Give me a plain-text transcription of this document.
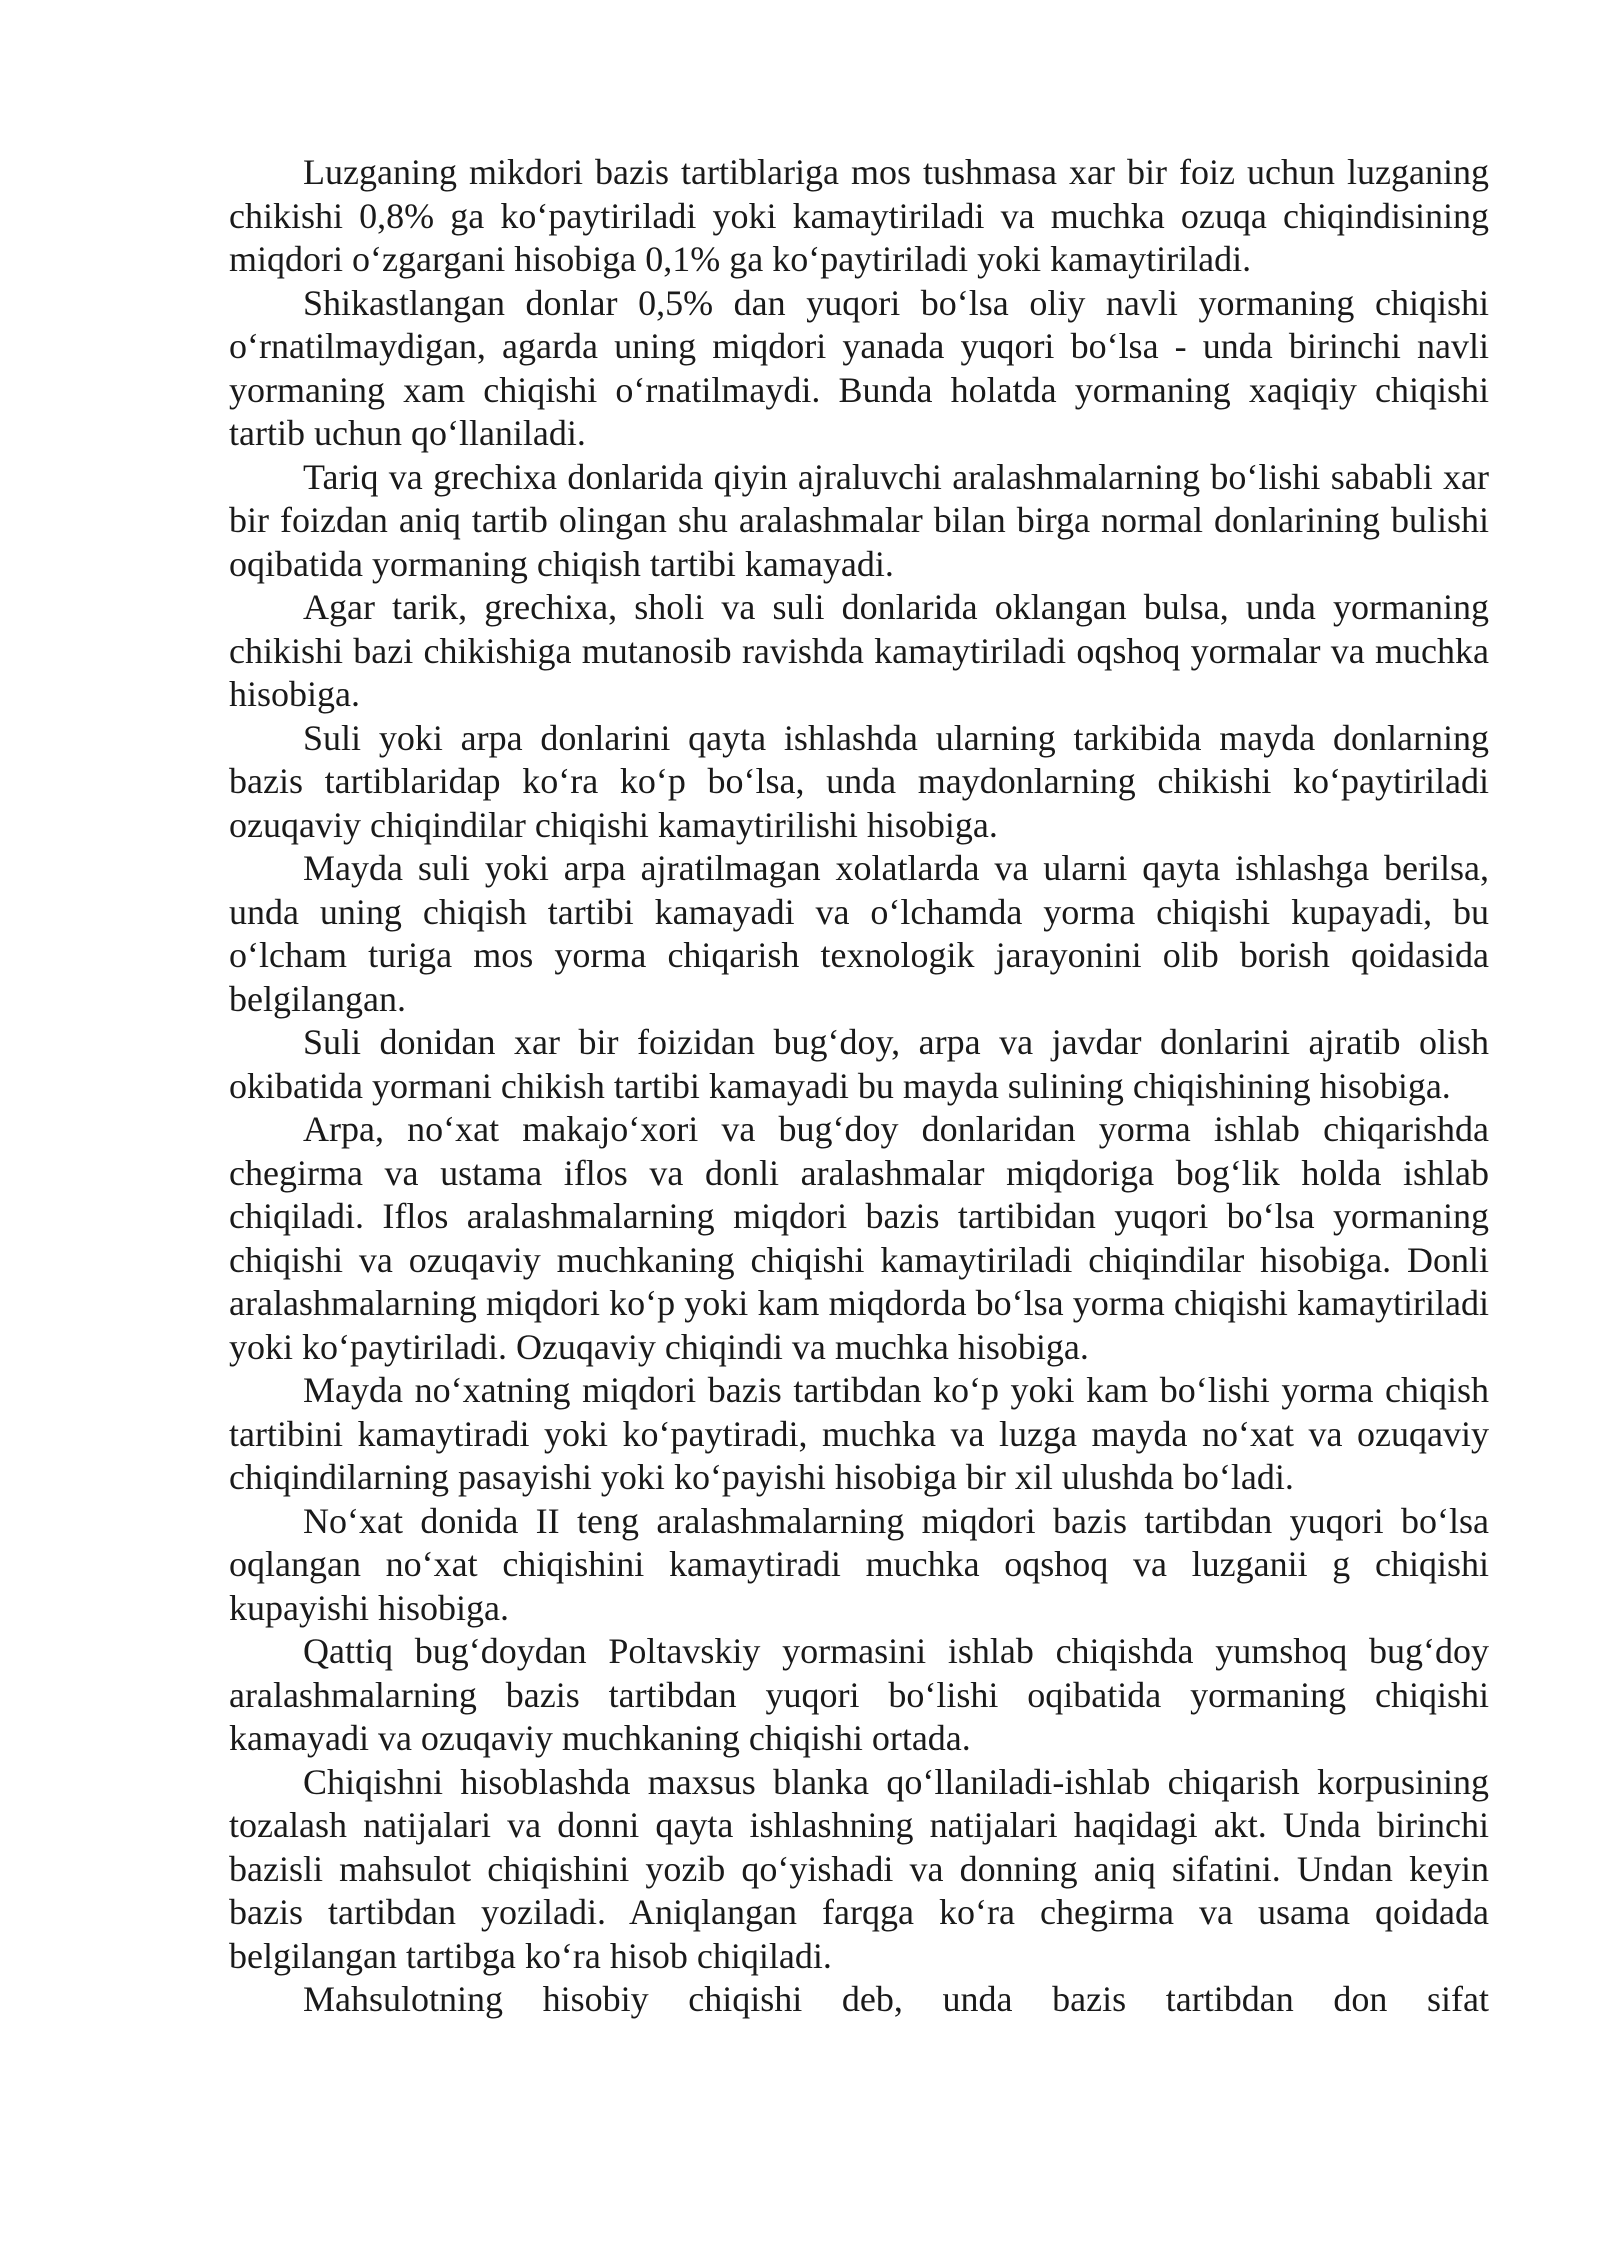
Luzganing mikdori bazis tartiblariga mos tushmasa xar bir foiz uchun luzganing chikishi 0,8% ga ko‘paytiriladi yoki kamaytiriladi va muchka ozuqa chiqindisining miqdori o‘zgargani hisobiga 0,1% ga ko‘paytiriladi yoki kamaytiriladi.

Shikastlangan donlar 0,5% dan yuqori bo‘lsa oliy navli yormaning chiqishi o‘rnatilmaydigan, agarda uning miqdori yanada yuqori bo‘lsa - unda birinchi navli yormaning xam chiqishi o‘rnatilmaydi. Bunda holatda yormaning xaqiqiy chiqishi tartib uchun qo‘llaniladi.

Tariq va grechixa donlarida qiyin ajraluvchi aralashmalarning bo‘lishi sababli xar bir foizdan aniq tartib olingan shu aralashmalar bilan birga normal donlarining bulishi oqibatida yormaning chiqish tartibi kamayadi.

Agar tarik, grechixa, sholi va suli donlarida oklangan bulsa, unda yormaning chikishi bazi chikishiga mutanosib ravishda kamaytiriladi oqshoq yormalar va muchka hisobiga.

Suli yoki arpa donlarini qayta ishlashda ularning tarkibida mayda donlarning bazis tartiblaridap ko‘ra ko‘p bo‘lsa, unda maydonlarning chikishi ko‘paytiriladi ozuqaviy chiqindilar chiqishi kamaytirilishi hisobiga.

Mayda suli yoki arpa ajratilmagan xolatlarda va ularni qayta ishlashga berilsa, unda uning chiqish tartibi kamayadi va o‘lchamda yorma chiqishi kupayadi, bu o‘lcham turiga mos yorma chiqarish texnologik jarayonini olib borish qoidasida belgilangan.

Suli donidan xar bir foizidan bug‘doy, arpa va javdar donlarini ajratib olish okibatida yormani chikish tartibi kamayadi bu mayda sulining chiqishining hisobiga.

Arpa, no‘xat makajo‘xori va bug‘doy donlaridan yorma ishlab chiqarishda chegirma va ustama iflos va donli aralashmalar miqdoriga bog‘lik holda ishlab chiqiladi. Iflos aralashmalarning miqdori bazis tartibidan yuqori bo‘lsa yormaning chiqishi va ozuqaviy muchkaning chiqishi kamaytiriladi chiqindilar hisobiga. Donli aralashmalarning miqdori ko‘p yoki kam miqdorda bo‘lsa yorma chiqishi kamaytiriladi yoki ko‘paytiriladi. Ozuqaviy chiqindi va muchka hisobiga.

Mayda no‘xatning miqdori bazis tartibdan ko‘p yoki kam bo‘lishi yorma chiqish tartibini kamaytiradi yoki ko‘paytiradi, muchka va luzga mayda no‘xat va ozuqaviy chiqindilarning pasayishi yoki ko‘payishi hisobiga bir xil ulushda bo‘ladi.

No‘xat donida II teng aralashmalarning miqdori bazis tartibdan yuqori bo‘lsa oqlangan no‘xat chiqishini kamaytiradi muchka oqshoq va luzganii g chiqishi kupayishi hisobiga.

Qattiq bug‘doydan Poltavskiy yormasini ishlab chiqishda yumshoq bug‘doy aralashmalarning bazis tartibdan yuqori bo‘lishi oqibatida yormaning chiqishi kamayadi va ozuqaviy muchkaning chiqishi ortada.

Chiqishni hisoblashda maxsus blanka qo‘llaniladi-ishlab chiqarish korpusining tozalash natijalari va donni qayta ishlashning natijalari haqidagi akt. Unda birinchi bazisli mahsulot chiqishini yozib qo‘yishadi va donning aniq sifatini. Undan keyin bazis tartibdan yoziladi. Aniqlangan farqga ko‘ra chegirma va usama qoidada belgilangan tartibga ko‘ra hisob chiqiladi.

Mahsulotning hisobiy chiqishi deb, unda bazis tartibdan don sifat
